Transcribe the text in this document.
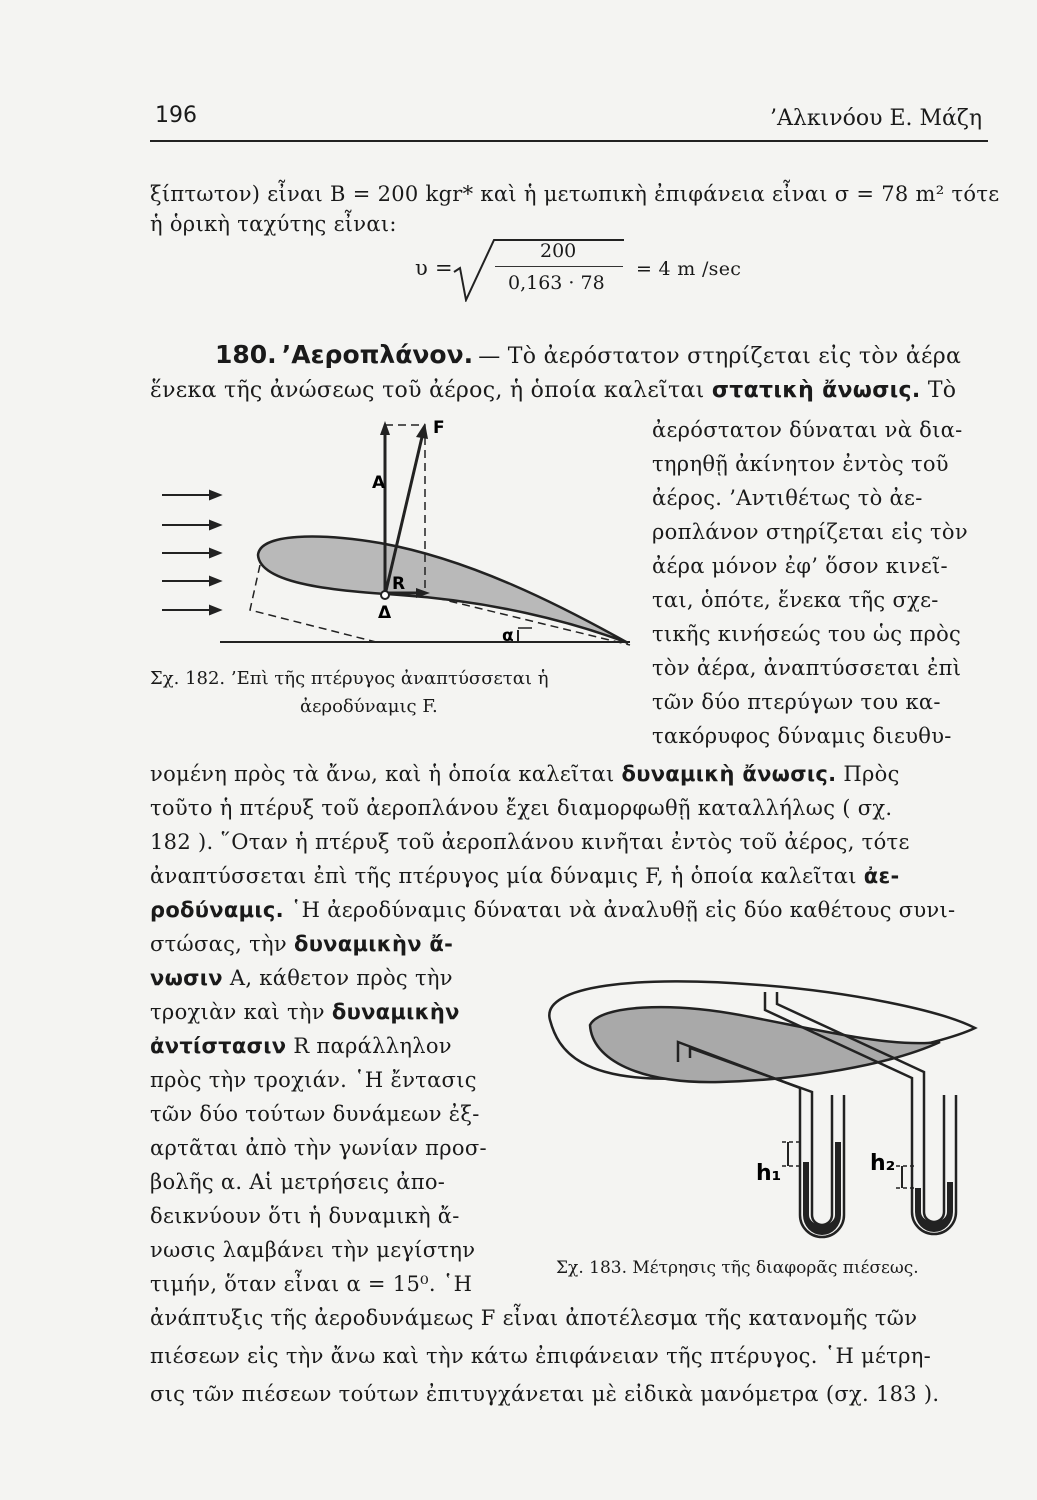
196	’Αλκινόου Ε. Μάζη
ξίπτωτον) εἶναι B = 200 kgr* καὶ ἡ μετωπικὴ ἐπιφάνεια εἶναι σ = 78 m² τότε
ἡ ὁρικὴ ταχύτης εἶναι:
υ =
200
0,163 · 78
= 4 m /sec
180. ’Αεροπλάνον. — Τὸ ἀερόστατον στηρίζεται εἰς τὸν ἀέρα
ἕνεκα τῆς ἀνώσεως τοῦ ἀέρος, ἡ ὁποία καλεῖται στατικὴ ἄνωσις. Τὸ
ἀερόστατον δύναται νὰ δια-
τηρηθῇ ἀκίνητον ἐντὸς τοῦ
ἀέρος. ’Αντιθέτως τὸ ἀε-
ροπλάνον στηρίζεται εἰς τὸν
ἀέρα μόνον ἐφ’ ὅσον κινεῖ-
ται, ὁπότε, ἕνεκα τῆς σχε-
τικῆς κινήσεώς του ὡς πρὸς
τὸν ἀέρα, ἀναπτύσσεται ἐπὶ
τῶν δύο πτερύγων του κα-
τακόρυφος δύναμις διευθυ-
F
A
R
Δ
α
Σχ. 182. ’Επὶ τῆς πτέρυγος ἀναπτύσσεται ἡ
ἀεροδύναμις F.
νομένη πρὸς τὰ ἄνω, καὶ ἡ ὁποία καλεῖται δυναμικὴ ἄνωσις. Πρὸς
τοῦτο ἡ πτέρυξ τοῦ ἀεροπλάνου ἔχει διαμορφωθῇ καταλλήλως ( σχ.
182 ). ῞Οταν ἡ πτέρυξ τοῦ ἀεροπλάνου κινῆται ἐντὸς τοῦ ἀέρος, τότε
ἀναπτύσσεται ἐπὶ τῆς πτέρυγος μία δύναμις F, ἡ ὁποία καλεῖται ἀε-
ροδύναμις. ῾Η ἀεροδύναμις δύναται νὰ ἀναλυθῇ εἰς δύο καθέτους συνι-
στώσας, τὴν δυναμικὴν ἄ-
νωσιν A, κάθετον πρὸς τὴν
τροχιὰν καὶ τὴν δυναμικὴν
ἀντίστασιν R παράλληλον
πρὸς τὴν τροχιάν. ῾Η ἔντασις
τῶν δύο τούτων δυνάμεων ἐξ-
αρτᾶται ἀπὸ τὴν γωνίαν προσ-
βολῆς α. Αἱ μετρήσεις ἀπο-
δεικνύουν ὅτι ἡ δυναμικὴ ἄ-
νωσις λαμβάνει τὴν μεγίστην
τιμήν, ὅταν εἶναι α = 15⁰. ῾Η
h₁	h₂
Σχ. 183. Μέτρησις τῆς διαφορᾶς πιέσεως.
ἀνάπτυξις τῆς ἀεροδυνάμεως F εἶναι ἀποτέλεσμα τῆς κατανομῆς τῶν
πιέσεων εἰς τὴν ἄνω καὶ τὴν κάτω ἐπιφάνειαν τῆς πτέρυγος. ῾Η μέτρη-
σις τῶν πιέσεων τούτων ἐπιτυγχάνεται μὲ εἰδικὰ μανόμετρα (σχ. 183 ).
